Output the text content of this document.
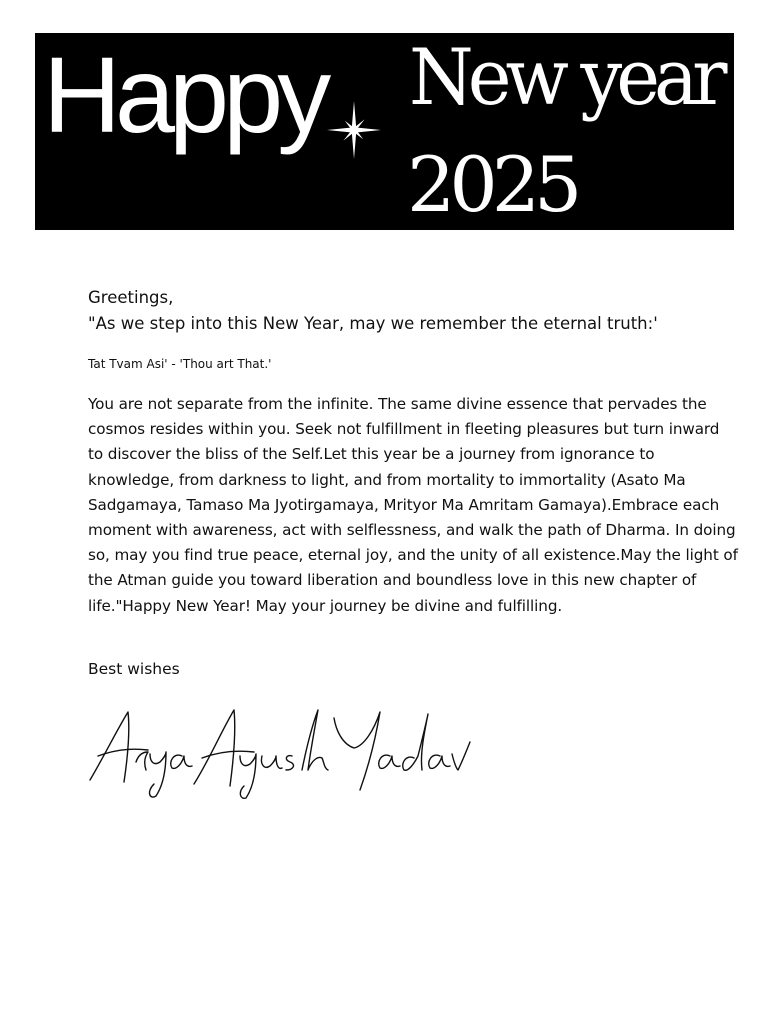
Happy New year
2025
Greetings,
"As we step into this New Year, may we remember the eternal truth:'
Tat Tvam Asi' - 'Thou art That.'
You are not separate from the infinite. The same divine essence that pervades the cosmos resides within you. Seek not fulfillment in fleeting pleasures but turn inward to discover the bliss of the Self.Let this year be a journey from ignorance to knowledge, from darkness to light, and from mortality to immortality (Asato Ma Sadgamaya, Tamaso Ma Jyotirgamaya, Mrityor Ma Amritam Gamaya).Embrace each moment with awareness, act with selflessness, and walk the path of Dharma. In doing so, may you find true peace, eternal joy, and the unity of all existence.May the light of the Atman guide you toward liberation and boundless love in this new chapter of life."Happy New Year! May your journey be divine and fulfilling.
Best wishes
